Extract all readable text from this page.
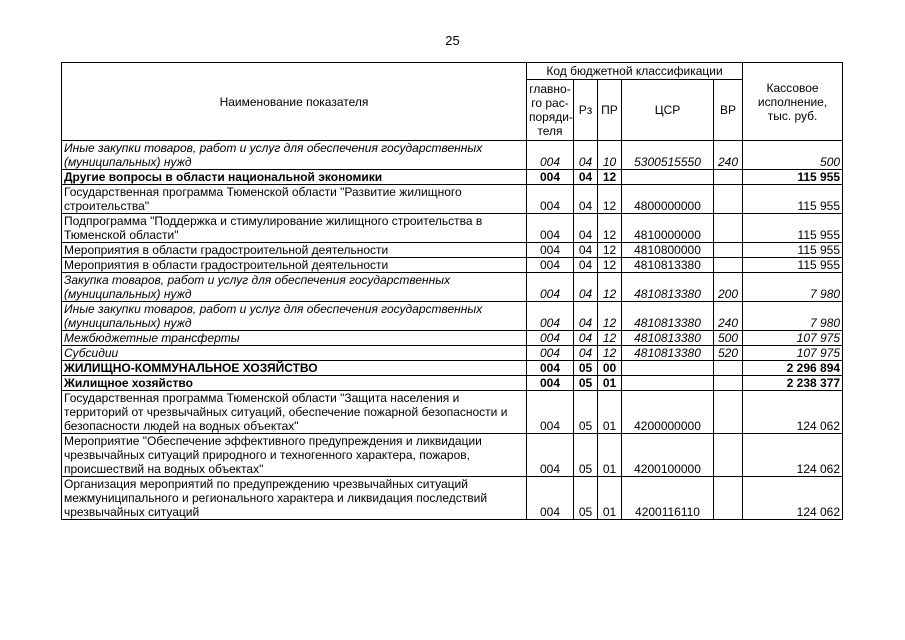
25
Наименование показателя	Код бюджетной классификации					Кассовое исполнение, тыс. руб.
	главно-го рас-поряди-теля	Рз	ПР	ЦСР	ВР	
Иные закупки товаров, работ и услуг для обеспечения государственных (муниципальных) нужд	004	04	10	5300515550	240	500
Другие вопросы в области национальной экономики	004	04	12			115 955
Государственная программа Тюменской области "Развитие жилищного строительства"	004	04	12	4800000000		115 955
Подпрограмма "Поддержка и стимулирование жилищного строительства в Тюменской области"	004	04	12	4810000000		115 955
Мероприятия в области градостроительной деятельности	004	04	12	4810800000		115 955
Мероприятия в области градостроительной деятельности	004	04	12	4810813380		115 955
Закупка товаров, работ и услуг для обеспечения государственных (муниципальных) нужд	004	04	12	4810813380	200	7 980
Иные закупки товаров, работ и услуг для обеспечения государственных (муниципальных) нужд	004	04	12	4810813380	240	7 980
Межбюджетные трансферты	004	04	12	4810813380	500	107 975
Субсидии	004	04	12	4810813380	520	107 975
ЖИЛИЩНО-КОММУНАЛЬНОЕ ХОЗЯЙСТВО	004	05	00			2 296 894
Жилищное хозяйство	004	05	01			2 238 377
Государственная программа Тюменской области "Защита населения и территорий от чрезвычайных ситуаций, обеспечение пожарной безопасности и безопасности людей на водных объектах"	004	05	01	4200000000		124 062
Мероприятие "Обеспечение эффективного предупреждения и ликвидации чрезвычайных ситуаций природного и техногенного характера, пожаров, происшествий на водных объектах"	004	05	01	4200100000		124 062
Организация мероприятий по предупреждению чрезвычайных ситуаций межмуниципального и регионального характера и ликвидация последствий чрезвычайных ситуаций	004	05	01	4200116110		124 062
